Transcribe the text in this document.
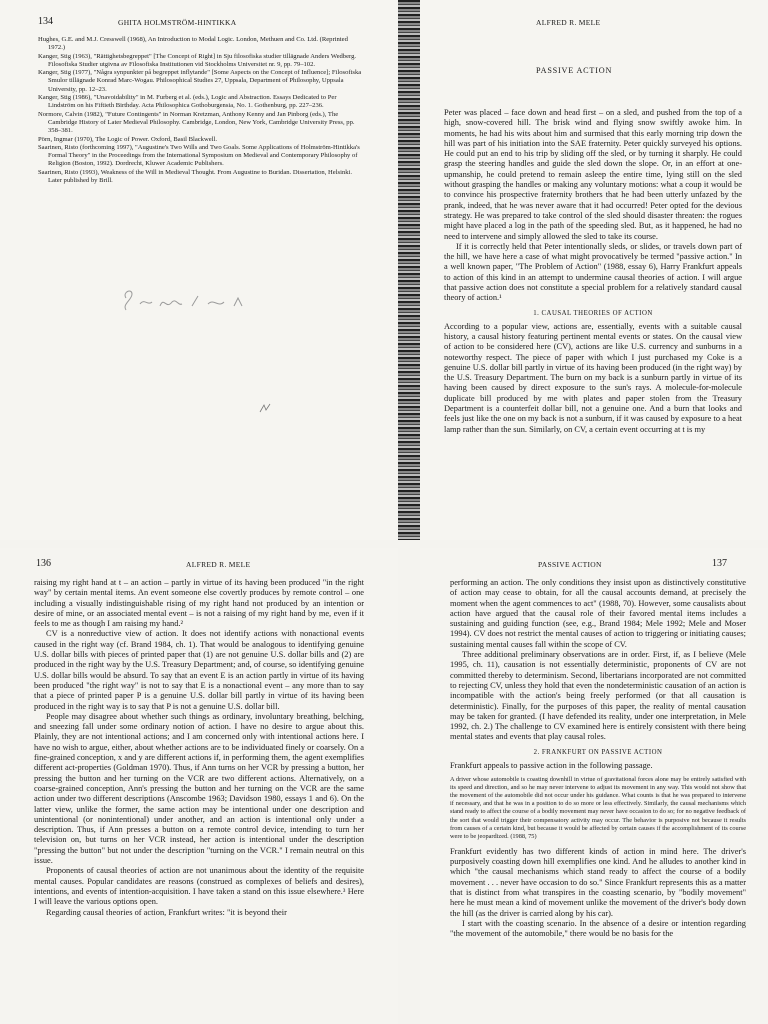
134	GHITA HOLMSTRÖM-HINTIKKA

Hughes, G.E. and M.J. Cresswell (1968), An Introduction to Modal Logic. London, Methuen and Co. Ltd. (Reprinted 1972.)

Kanger, Stig (1963), "Rättighetsbegreppet" [The Concept of Right] in Sju filosofiska studier tillägnade Anders Wedberg. Filosofiska Studier utgivna av Filosofiska Institutionen vid Stockholms Universitet nr. 9, pp. 79–102.

Kanger, Stig (1977), "Några synpunkter på begreppet inflytande" [Some Aspects on the Concept of Influence]; Filosofiska Smulor tillägnade Konrad Marc-Wogau. Philosophical Studies 27, Uppsala, Department of Philosophy, Uppsala University, pp. 12–23.

Kanger, Stig (1986), "Unavoidability" in M. Furberg et al. (eds.), Logic and Abstraction. Essays Dedicated to Per Lindström on his Fiftieth Birthday. Acta Philosophica Gothoburgensia, No. 1. Gothenburg, pp. 227–236.

Normore, Calvin (1982), "Future Contingents" in Norman Kretzman, Anthony Kenny and Jan Pinborg (eds.), The Cambridge History of Later Medieval Philosophy. Cambridge, London, New York, Cambridge University Press, pp. 358–381.

Pörn, Ingmar (1970), The Logic of Power. Oxford, Basil Blackwell.

Saarinen, Risto (forthcoming 1997), "Augustine's Two Wills and Two Goals. Some Applications of Holmström-Hintikka's Formal Theory" in the Proceedings from the International Symposium on Medieval and Contemporary Philosophy of Religion (Boston, 1992). Dordrecht, Kluwer Academic Publishers.

Saarinen, Risto (1993), Weakness of the Will in Medieval Thought. From Augustine to Buridan. Dissertation, Helsinki. Later published by Brill.

ALFRED R. MELE
PASSIVE ACTION

Peter was placed – face down and head first – on a sled, and pushed from the top of a high, snow-covered hill. The brisk wind and flying snow swiftly awoke him. In moments, he had his wits about him and surmised that this early morning trip down the hill was part of his initiation into the SAE fraternity. Peter quickly surveyed his options. He could put an end to his trip by sliding off the sled, or by turning it sharply. He could grasp the steering handles and guide the sled down the slope. Or, in an effort at one-upmanship, he could pretend to remain asleep the entire time, lying still on the sled without grasping the handles or making any voluntary motions: what a coup it would be to convince his prospective fraternity brothers that he had been utterly unfazed by the prank, indeed, that he was never aware that it had occurred! Peter opted for the devious strategy. He was prepared to take control of the sled should disaster threaten: the rogues might have placed a log in the path of the speeding sled. But, as it happened, he had no need to intervene and simply allowed the sled to take its course.

If it is correctly held that Peter intentionally sleds, or slides, or travels down part of the hill, we have here a case of what might provocatively be termed "passive action." In a well known paper, "The Problem of Action" (1988, essay 6), Harry Frankfurt appeals to action of this kind in an attempt to undermine causal theories of action. I will argue that passive action does not constitute a special problem for a relatively standard causal theory of action.¹

1. CAUSAL THEORIES OF ACTION

According to a popular view, actions are, essentially, events with a suitable causal history, a causal history featuring pertinent mental events or states. On the causal view of action to be considered here (CV), actions are like U.S. currency and sunburns in a noteworthy respect. The piece of paper with which I just purchased my Coke is a genuine U.S. dollar bill partly in virtue of its having been produced (in the right way) by the U.S. Treasury Department. The burn on my back is a sunburn partly in virtue of its having been caused by direct exposure to the sun's rays. A molecule-for-molecule duplicate bill produced by me with plates and paper stolen from the Treasury Department is a counterfeit dollar bill, not a genuine one. And a burn that looks and feels just like the one on my back is not a sunburn, if it was caused by exposure to a heat lamp rather than the sun. Similarly, on CV, a certain event occurring at t is my

136	ALFRED R. MELE

raising my right hand at t – an action – partly in virtue of its having been produced "in the right way" by certain mental items. An event someone else covertly produces by remote control – one including a visually indistinguishable rising of my right hand not produced by an intention or desire of mine, or an associated mental event – is not a raising of my right hand by me, even if it feels to me as though I am raising my hand.²

CV is a nonreductive view of action. It does not identify actions with nonactional events caused in the right way (cf. Brand 1984, ch. 1). That would be analogous to identifying genuine U.S. dollar bills with pieces of printed paper that (1) are not genuine U.S. dollar bills and (2) are produced in the right way by the U.S. Treasury Department; and, of course, so identifying genuine U.S. dollar bills would be absurd. To say that an event E is an action partly in virtue of its having been produced "the right way" is not to say that E is a nonactional event – any more than to say that a piece of printed paper P is a genuine U.S. dollar bill partly in virtue of its having been produced in the right way is to say that P is not a genuine U.S. dollar bill.

People may disagree about whether such things as ordinary, involuntary breathing, belching, and sneezing fall under some ordinary notion of action. I have no desire to argue about this. Plainly, they are not intentional actions; and I am concerned only with intentional actions here. I have no wish to argue, either, about whether actions are to be individuated finely or coarsely. On a fine-grained conception, x and y are different actions if, in performing them, the agent exemplifies different act-properties (Goldman 1970). Thus, if Ann turns on her VCR by pressing a button, her pressing the button and her turning on the VCR are two different actions. Alternatively, on a coarse-grained conception, Ann's pressing the button and her turning on the VCR are the same action under two different descriptions (Anscombe 1963; Davidson 1980, essays 1 and 6). On the latter view, unlike the former, the same action may be intentional under one description and unintentional (or nonintentional) under another, and an action is intentional only under a description. Thus, if Ann presses a button on a remote control device, intending to turn her television on, but turns on her VCR instead, her action is intentional under the description "pressing the button" but not under the description "turning on the VCR." I remain neutral on this issue.

Proponents of causal theories of action are not unanimous about the identity of the requisite mental causes. Popular candidates are reasons (construed as complexes of beliefs and desires), intentions, and events of intention-acquisition. I have taken a stand on this issue elsewhere.³ Here I will leave the various options open.

Regarding causal theories of action, Frankfurt writes: "it is beyond their

PASSIVE ACTION	137

performing an action. The only conditions they insist upon as distinctively constitutive of action may cease to obtain, for all the causal accounts demand, at precisely the moment when the agent commences to act" (1988, 70). However, some causalists about action have argued that the causal role of their favored mental items includes a sustaining and guiding function (see, e.g., Brand 1984; Mele 1992; Mele and Moser 1994). CV does not restrict the mental causes of action to triggering or initiating causes; sustaining mental causes fall within the scope of CV.

Three additional preliminary observations are in order. First, if, as I believe (Mele 1995, ch. 11), causation is not essentially deterministic, proponents of CV are not committed thereby to determinism. Second, libertarians incorporated are not committed to rejecting CV, unless they hold that even the nondeterministic causation of an action is incompatible with the action's being freely performed (or that all causation is deterministic). Finally, for the purposes of this paper, the reality of mental causation may be taken for granted. (I have defended its reality, under one interpretation, in Mele 1992, ch. 2.) The challenge to CV examined here is entirely consistent with there being mental states and events that play causal roles.

2. FRANKFURT ON PASSIVE ACTION

Frankfurt appeals to passive action in the following passage.

A driver whose automobile is coasting downhill in virtue of gravitational forces alone may be entirely satisfied with its speed and direction, and so he may never intervene to adjust its movement in any way. This would not show that the movement of the automobile did not occur under his guidance. What counts is that he was prepared to intervene if necessary, and that he was in a position to do so more or less effectively. Similarly, the causal mechanisms which stand ready to affect the course of a bodily movement may never have occasion to do so; for no negative feedback of the sort that would trigger their compensatory activity may occur. The behavior is purposive not because it results from causes of a certain kind, but because it would be affected by certain causes if the accomplishment of its course were to be jeopardized. (1988, 75)

Frankfurt evidently has two different kinds of action in mind here. The driver's purposively coasting down hill exemplifies one kind. And he alludes to another kind in which "the causal mechanisms which stand ready to affect the course of a bodily movement . . . never have occasion to do so." Since Frankfurt represents this as a matter that is distinct from what transpires in the coasting scenario, by "bodily movement" here he must mean a kind of movement unlike the movement of the driver's body down the hill (as the driver is carried along by his car).

I start with the coasting scenario. In the absence of a desire or intention regarding "the movement of the automobile," there would be no basis for the
